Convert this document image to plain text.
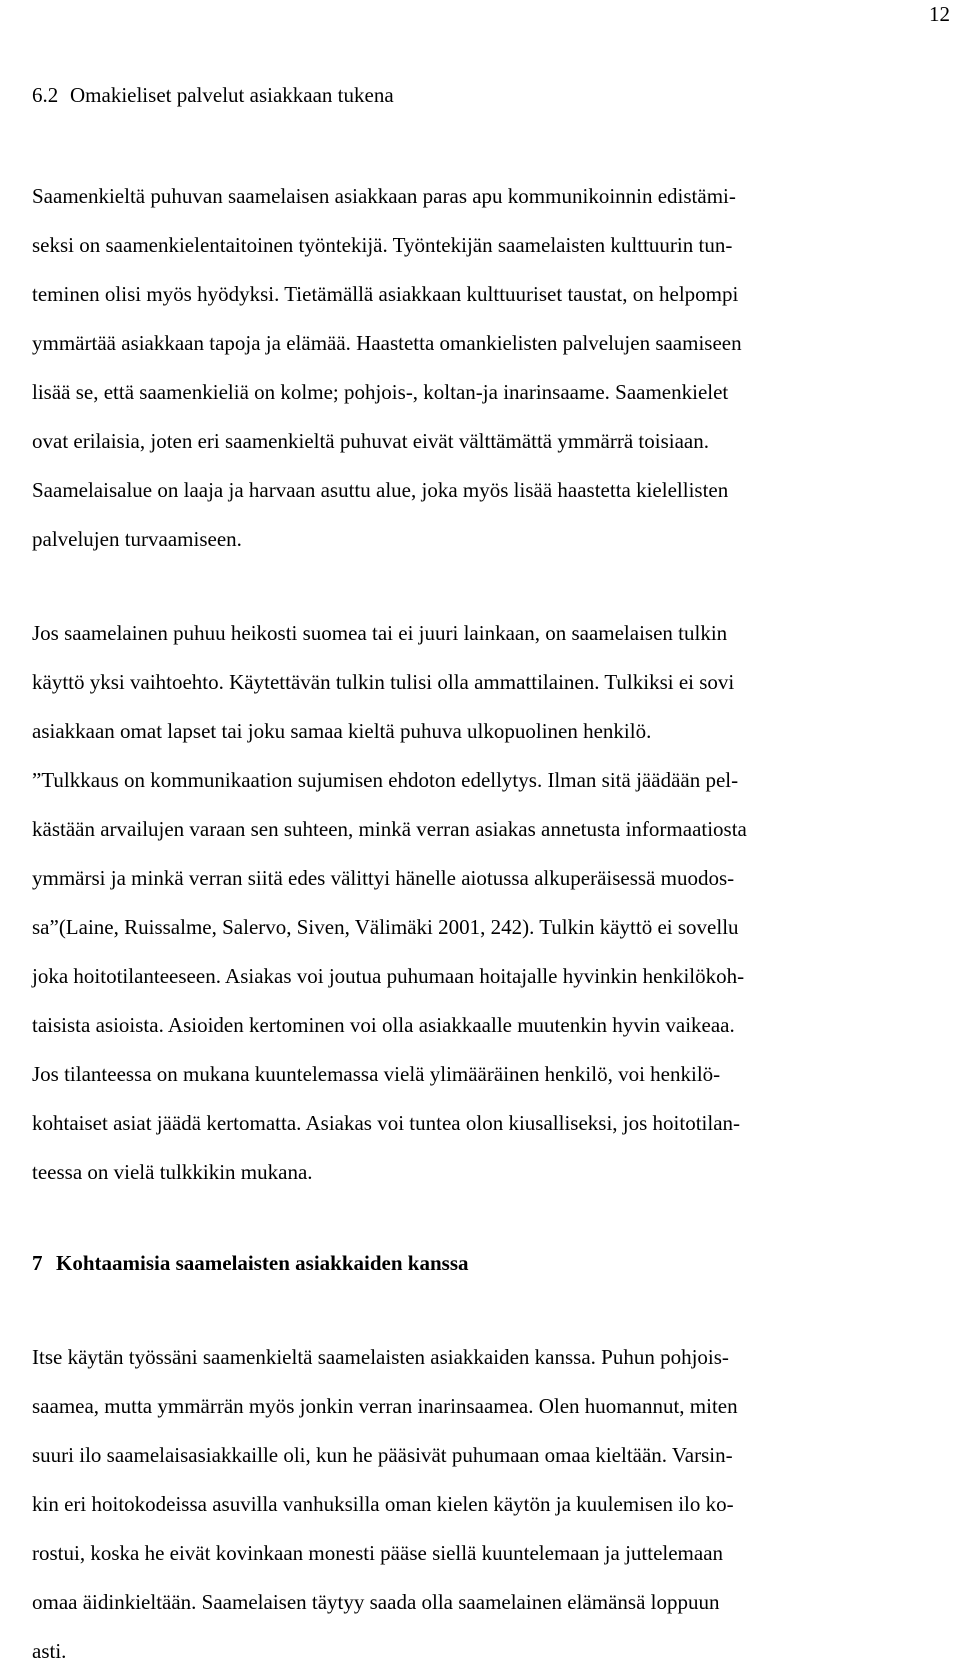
12
6.2 Omakieliset palvelut asiakkaan tukena
Saamenkieltä puhuvan saamelaisen asiakkaan paras apu kommunikoinnin edistämi-
seksi on saamenkielentaitoinen työntekijä. Työntekijän saamelaisten kulttuurin tun-
teminen olisi myös hyödyksi. Tietämällä asiakkaan kulttuuriset taustat, on helpompi
ymmärtää asiakkaan tapoja ja elämää. Haastetta omankielisten palvelujen saamiseen
lisää se, että saamenkieliä on kolme; pohjois-, koltan-ja inarinsaame. Saamenkielet
ovat erilaisia, joten eri saamenkieltä puhuvat eivät välttämättä ymmärrä toisiaan.
Saamelaisalue on laaja ja harvaan asuttu alue, joka myös lisää haastetta kielellisten
palvelujen turvaamiseen.
Jos saamelainen puhuu heikosti suomea tai ei juuri lainkaan, on saamelaisen tulkin
käyttö yksi vaihtoehto. Käytettävän tulkin tulisi olla ammattilainen. Tulkiksi ei sovi
asiakkaan omat lapset tai joku samaa kieltä puhuva ulkopuolinen henkilö.
”Tulkkaus on kommunikaation sujumisen ehdoton edellytys. Ilman sitä jäädään pel-
kästään arvailujen varaan sen suhteen, minkä verran asiakas annetusta informaatiosta
ymmärsi ja minkä verran siitä edes välittyi hänelle aiotussa alkuperäisessä muodos-
sa”(Laine, Ruissalme, Salervo, Siven, Välimäki 2001, 242). Tulkin käyttö ei sovellu
joka hoitotilanteeseen. Asiakas voi joutua puhumaan hoitajalle hyvinkin henkilökoh-
taisista asioista. Asioiden kertominen voi olla asiakkaalle muutenkin hyvin vaikeaa.
Jos tilanteessa on mukana kuuntelemassa vielä ylimääräinen henkilö, voi henkilö-
kohtaiset asiat jäädä kertomatta. Asiakas voi tuntea olon kiusalliseksi, jos hoitotilan-
teessa on vielä tulkkikin mukana.
7 Kohtaamisia saamelaisten asiakkaiden kanssa
Itse käytän työssäni saamenkieltä saamelaisten asiakkaiden kanssa. Puhun pohjois-
saamea, mutta ymmärrän myös jonkin verran inarinsaamea. Olen huomannut, miten
suuri ilo saamelaisasiakkaille oli, kun he pääsivät puhumaan omaa kieltään. Varsin-
kin eri hoitokodeissa asuvilla vanhuksilla oman kielen käytön ja kuulemisen ilo ko-
rostui, koska he eivät kovinkaan monesti pääse siellä kuuntelemaan ja juttelemaan
omaa äidinkieltään. Saamelaisen täytyy saada olla saamelainen elämänsä loppuun
asti.
